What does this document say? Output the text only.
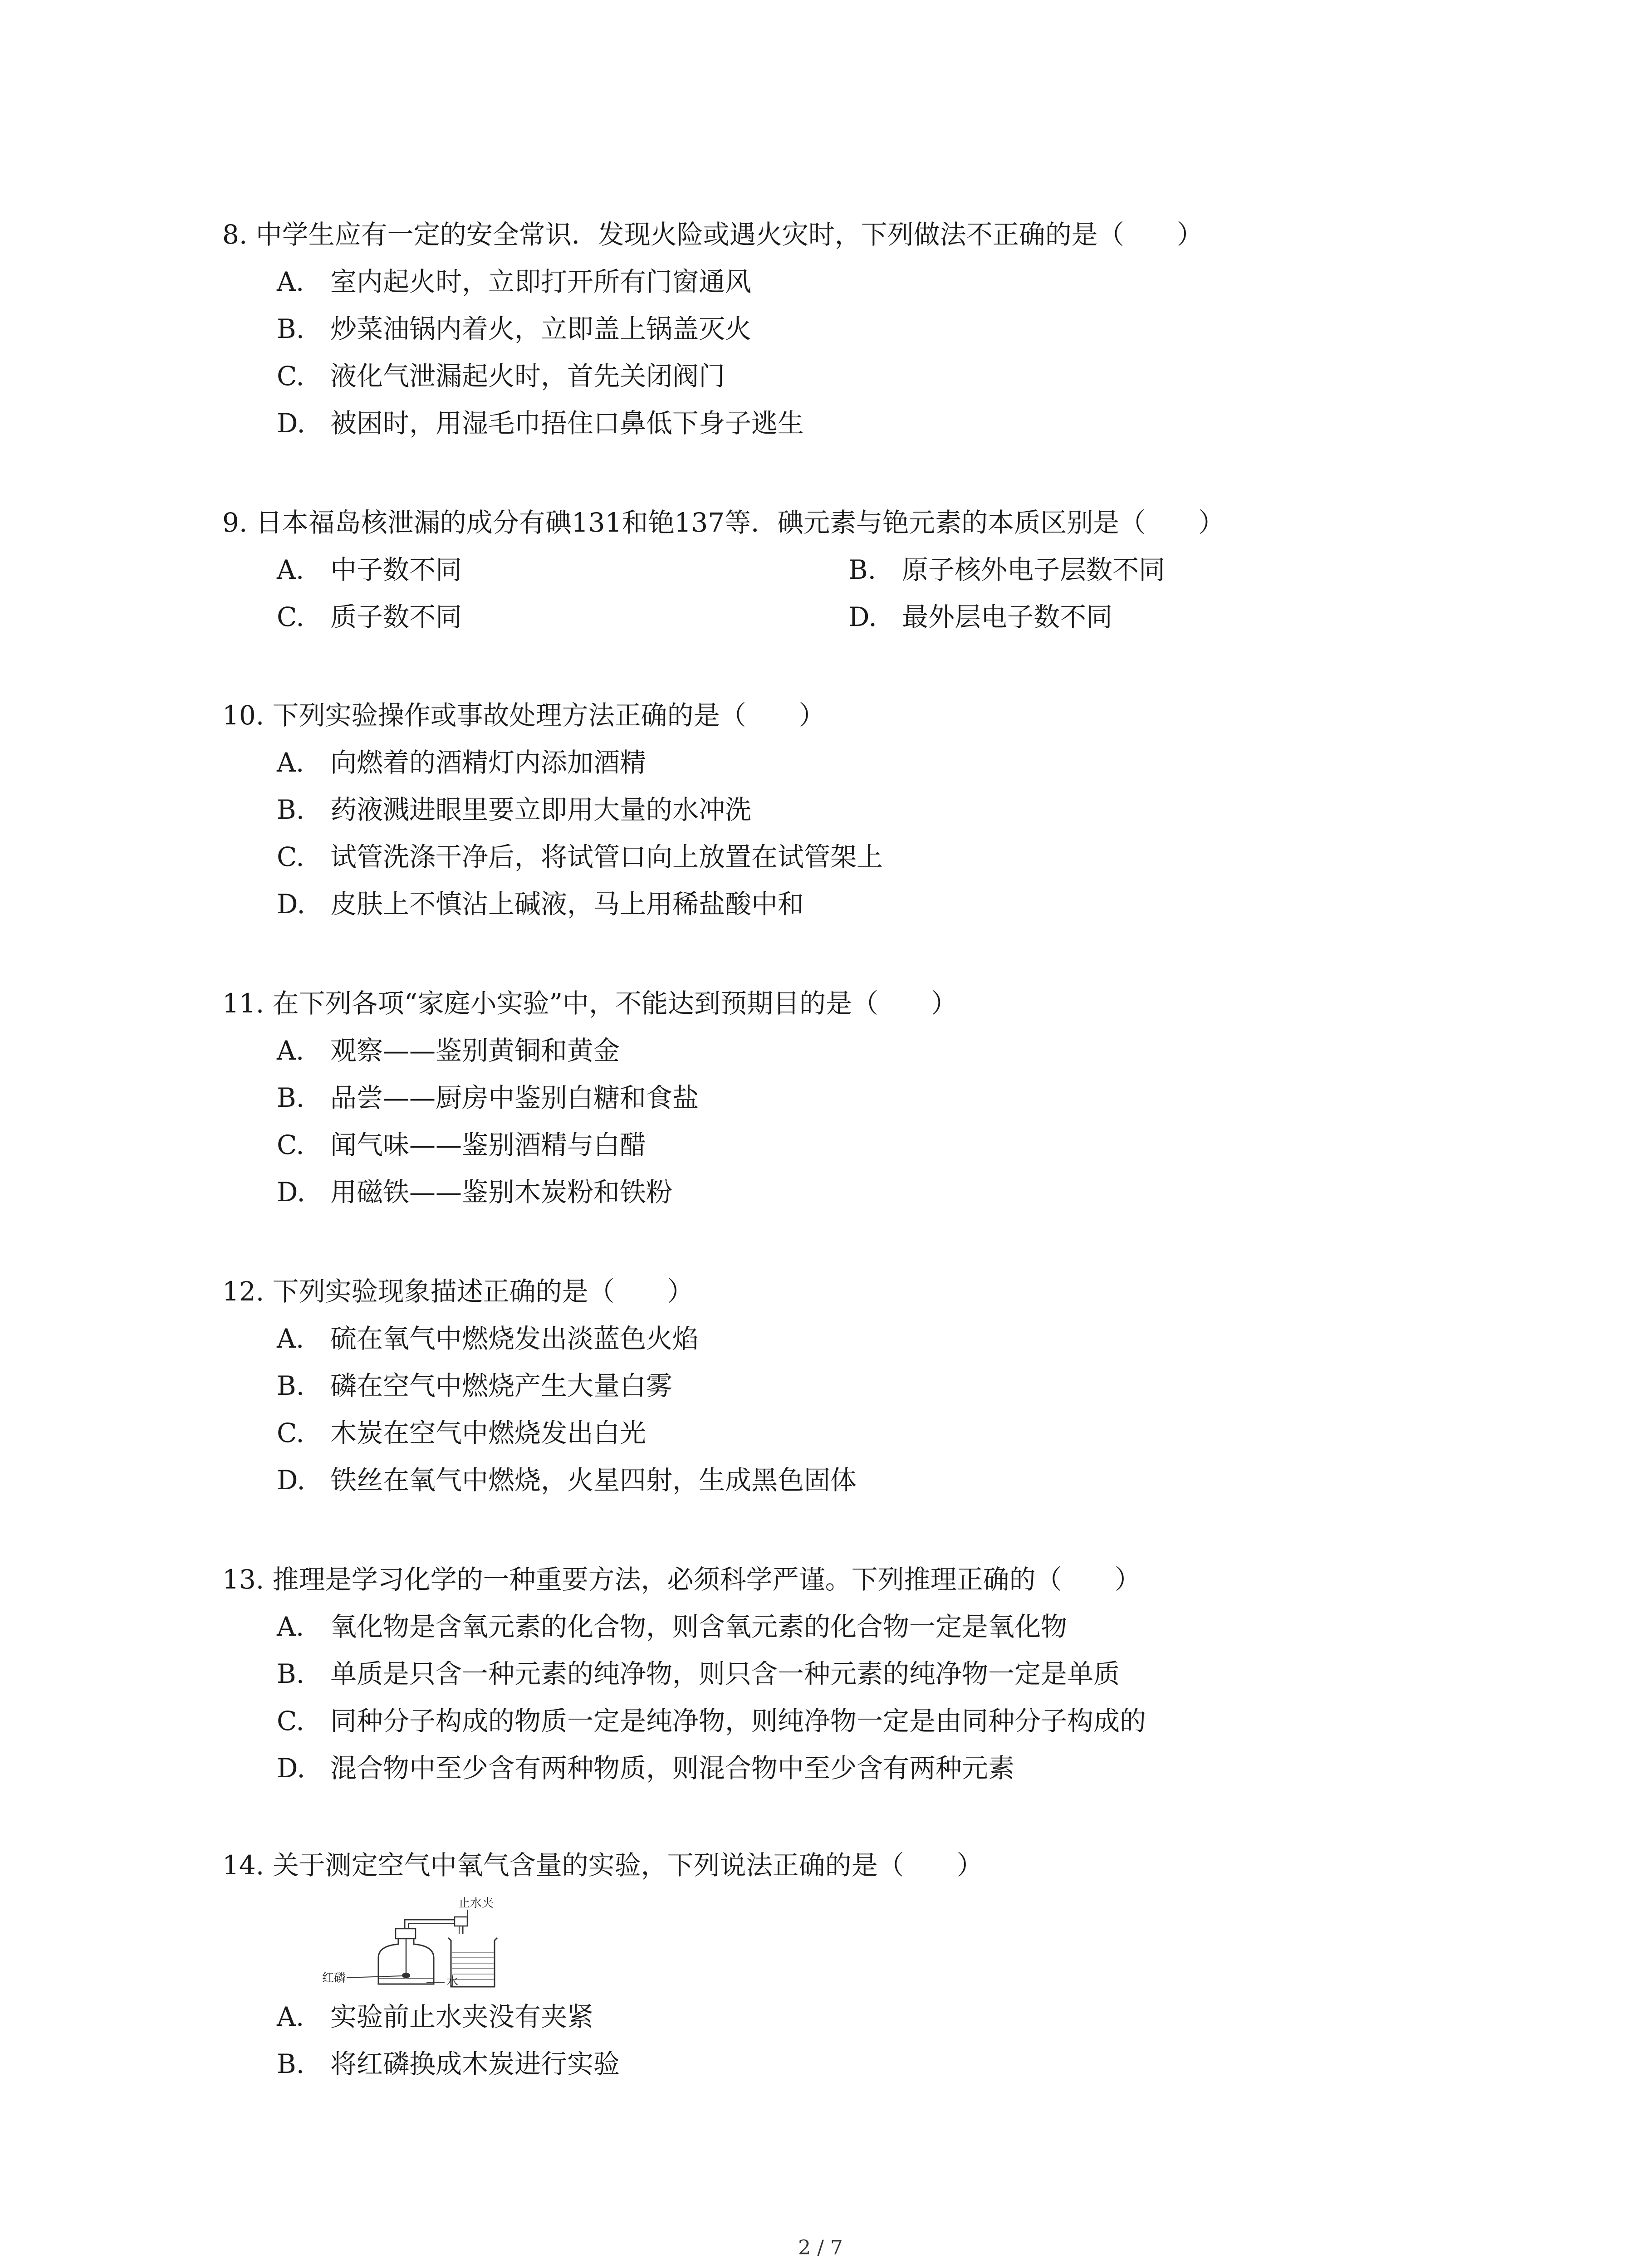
8. 中学生应有一定的安全常识．发现火险或遇火灾时，下列做法不正确的是（　　）
A. 室内起火时，立即打开所有门窗通风
B. 炒菜油锅内着火，立即盖上锅盖灭火
C. 液化气泄漏起火时，首先关闭阀门
D. 被困时，用湿毛巾捂住口鼻低下身子逃生
9. 日本福岛核泄漏的成分有碘131和铯137等．碘元素与铯元素的本质区别是（　　）
A. 中子数不同	B. 原子核外电子层数不同
C. 质子数不同	D. 最外层电子数不同
10. 下列实验操作或事故处理方法正确的是（　　）
A. 向燃着的酒精灯内添加酒精
B. 药液溅进眼里要立即用大量的水冲洗
C. 试管洗涤干净后，将试管口向上放置在试管架上
D. 皮肤上不慎沾上碱液，马上用稀盐酸中和
11. 在下列各项“家庭小实验”中，不能达到预期目的是（　　）
A. 观察——鉴别黄铜和黄金
B. 品尝——厨房中鉴别白糖和食盐
C. 闻气味——鉴别酒精与白醋
D. 用磁铁——鉴别木炭粉和铁粉
12. 下列实验现象描述正确的是（　　）
A. 硫在氧气中燃烧发出淡蓝色火焰
B. 磷在空气中燃烧产生大量白雾
C. 木炭在空气中燃烧发出白光
D. 铁丝在氧气中燃烧，火星四射，生成黑色固体
13. 推理是学习化学的一种重要方法，必须科学严谨。下列推理正确的（　　）
A. 氧化物是含氧元素的化合物，则含氧元素的化合物一定是氧化物
B. 单质是只含一种元素的纯净物，则只含一种元素的纯净物一定是单质
C. 同种分子构成的物质一定是纯净物，则纯净物一定是由同种分子构成的
D. 混合物中至少含有两种物质，则混合物中至少含有两种元素
14. 关于测定空气中氧气含量的实验，下列说法正确的是（　　）
止水夹
红磷	水
A. 实验前止水夹没有夹紧
B. 将红磷换成木炭进行实验
2 / 7
